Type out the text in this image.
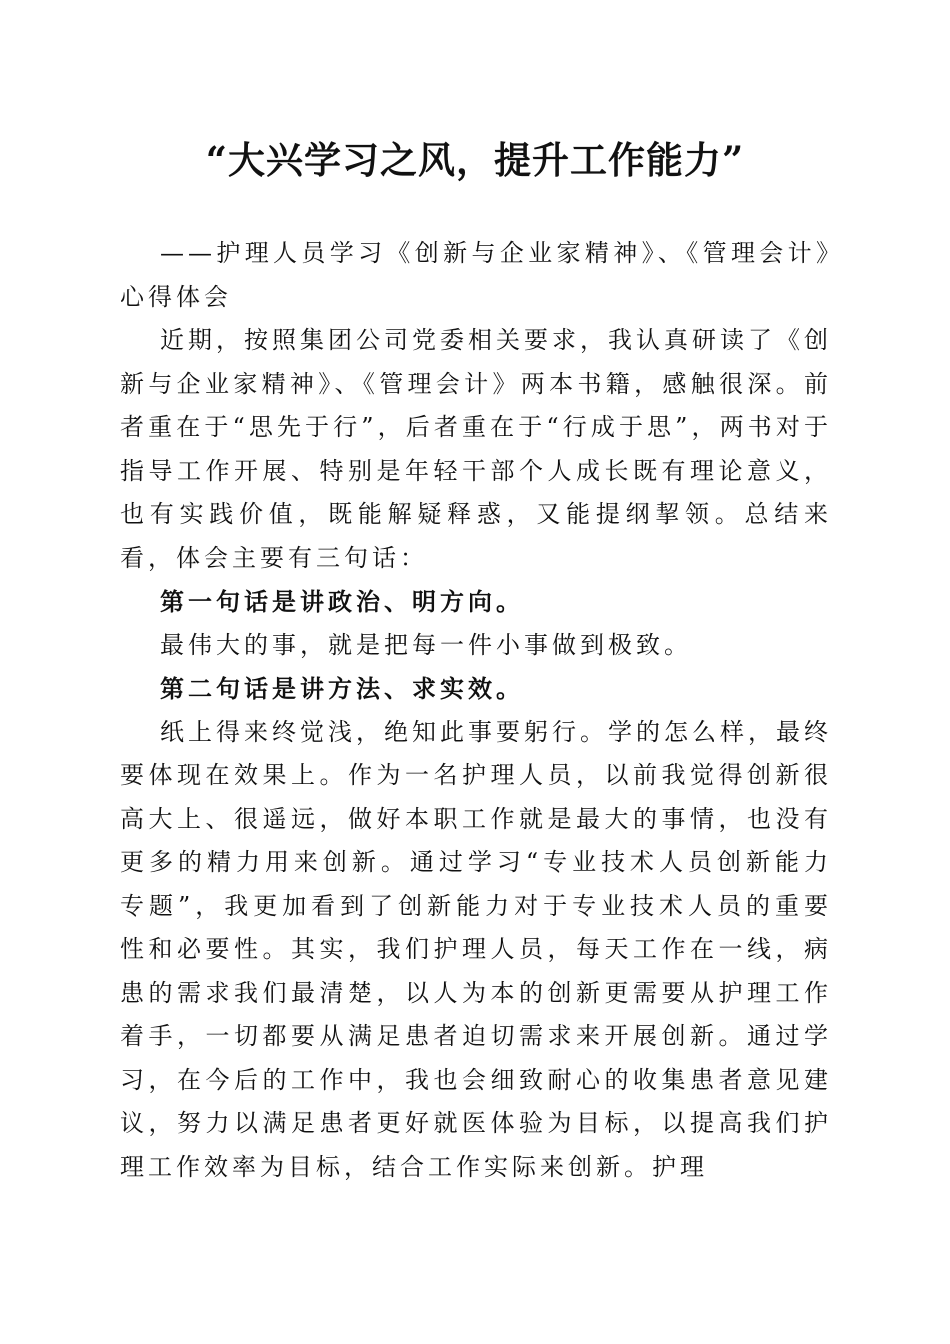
“大兴学习之风，提升工作能力”

——护理人员学习《创新与企业家精神》、《管理会计》心得体会

近期，按照集团公司党委相关要求，我认真研读了《创新与企业家精神》、《管理会计》两本书籍，感触很深。前者重在于“思先于行”，后者重在于“行成于思”，两书对于指导工作开展、特别是年轻干部个人成长既有理论意义，也有实践价值，既能解疑释惑，又能提纲挈领。总结来看，体会主要有三句话：

第一句话是讲政治、明方向。

最伟大的事，就是把每一件小事做到极致。

第二句话是讲方法、求实效。

纸上得来终觉浅，绝知此事要躬行。学的怎么样，最终要体现在效果上。作为一名护理人员，以前我觉得创新很高大上、很遥远，做好本职工作就是最大的事情，也没有更多的精力用来创新。通过学习“专业技术人员创新能力专题”，我更加看到了创新能力对于专业技术人员的重要性和必要性。其实，我们护理人员，每天工作在一线，病患的需求我们最清楚，以人为本的创新更需要从护理工作着手，一切都要从满足患者迫切需求来开展创新。通过学习，在今后的工作中，我也会细致耐心的收集患者意见建议，努力以满足患者更好就医体验为目标，以提高我们护理工作效率为目标，结合工作实际来创新。护理
